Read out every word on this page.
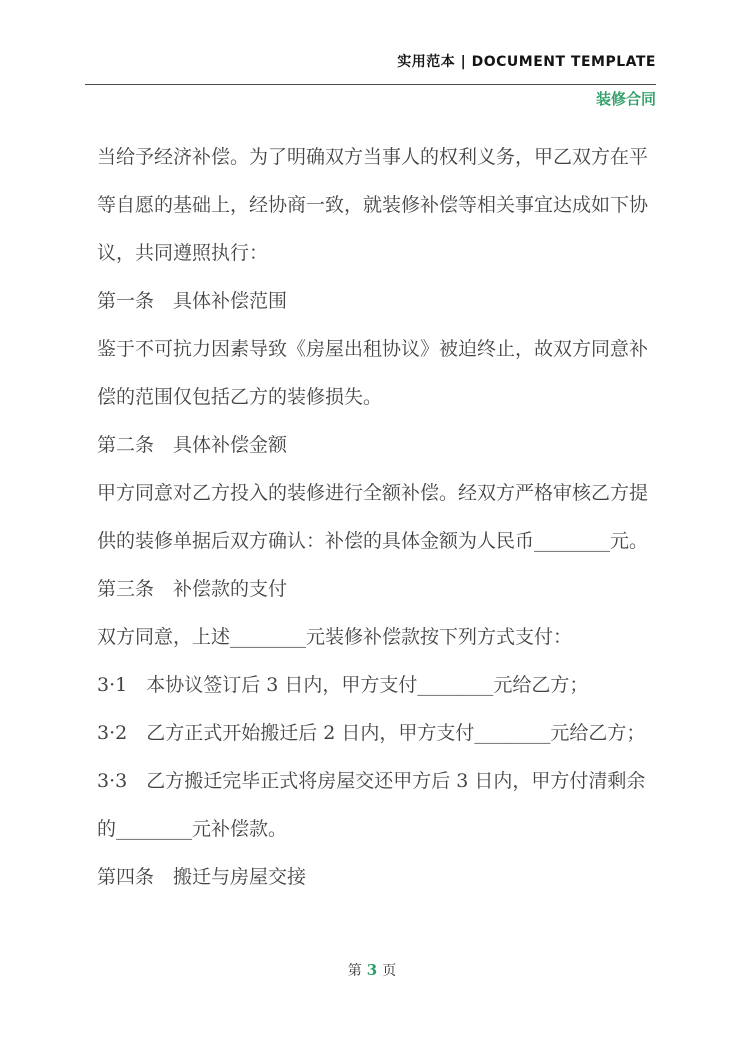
实用范本 | DOCUMENT TEMPLATE
装修合同
当给予经济补偿。为了明确双方当事人的权利义务，甲乙双方在平
等自愿的基础上，经协商一致，就装修补偿等相关事宜达成如下协
议，共同遵照执行：
第一条　具体补偿范围
鉴于不可抗力因素导致《房屋出租协议》被迫终止，故双方同意补
偿的范围仅包括乙方的装修损失。
第二条　具体补偿金额
甲方同意对乙方投入的装修进行全额补偿。经双方严格审核乙方提
供的装修单据后双方确认：补偿的具体金额为人民币________元。
第三条　补偿款的支付
双方同意，上述________元装修补偿款按下列方式支付：
3·1　本协议签订后 3 日内，甲方支付________元给乙方；
3·2　乙方正式开始搬迁后 2 日内，甲方支付________元给乙方；
3·3　乙方搬迁完毕正式将房屋交还甲方后 3 日内，甲方付清剩余
的________元补偿款。
第四条　搬迁与房屋交接
第 3 页
